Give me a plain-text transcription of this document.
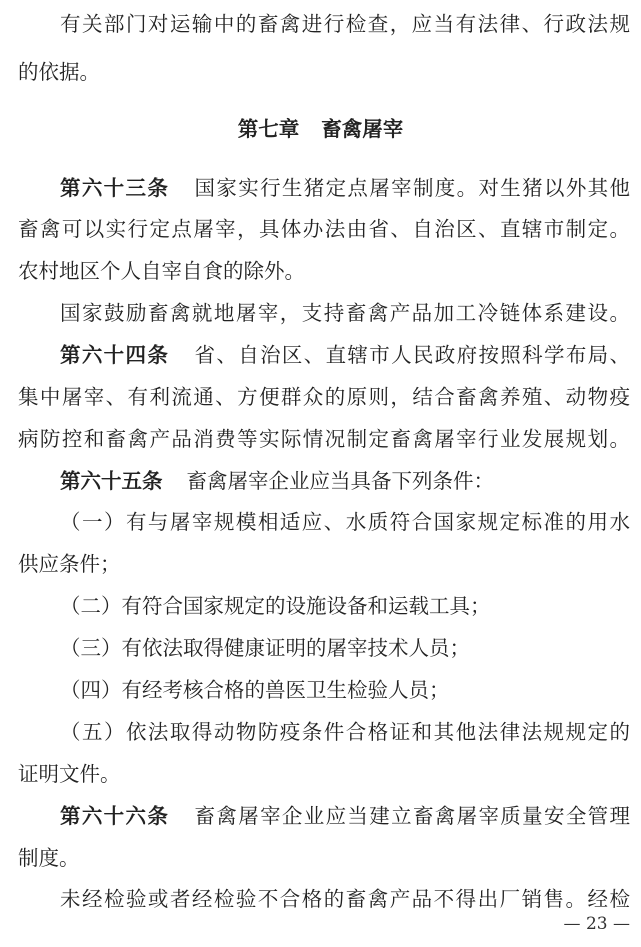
有关部门对运输中的畜禽进行检查，应当有法律、行政法规
的依据。
第七章 畜禽屠宰
第六十三条 国家实行生猪定点屠宰制度。对生猪以外其他
畜禽可以实行定点屠宰，具体办法由省、自治区、直辖市制定。
农村地区个人自宰自食的除外。
国家鼓励畜禽就地屠宰，支持畜禽产品加工冷链体系建设。
第六十四条 省、自治区、直辖市人民政府按照科学布局、
集中屠宰、有利流通、方便群众的原则，结合畜禽养殖、动物疫
病防控和畜禽产品消费等实际情况制定畜禽屠宰行业发展规划。
第六十五条 畜禽屠宰企业应当具备下列条件：
（一）有与屠宰规模相适应、水质符合国家规定标准的用水
供应条件；
（二）有符合国家规定的设施设备和运载工具；
（三）有依法取得健康证明的屠宰技术人员；
（四）有经考核合格的兽医卫生检验人员；
（五）依法取得动物防疫条件合格证和其他法律法规规定的
证明文件。
第六十六条 畜禽屠宰企业应当建立畜禽屠宰质量安全管理
制度。
未经检验或者经检验不合格的畜禽产品不得出厂销售。经检
— 23 —
